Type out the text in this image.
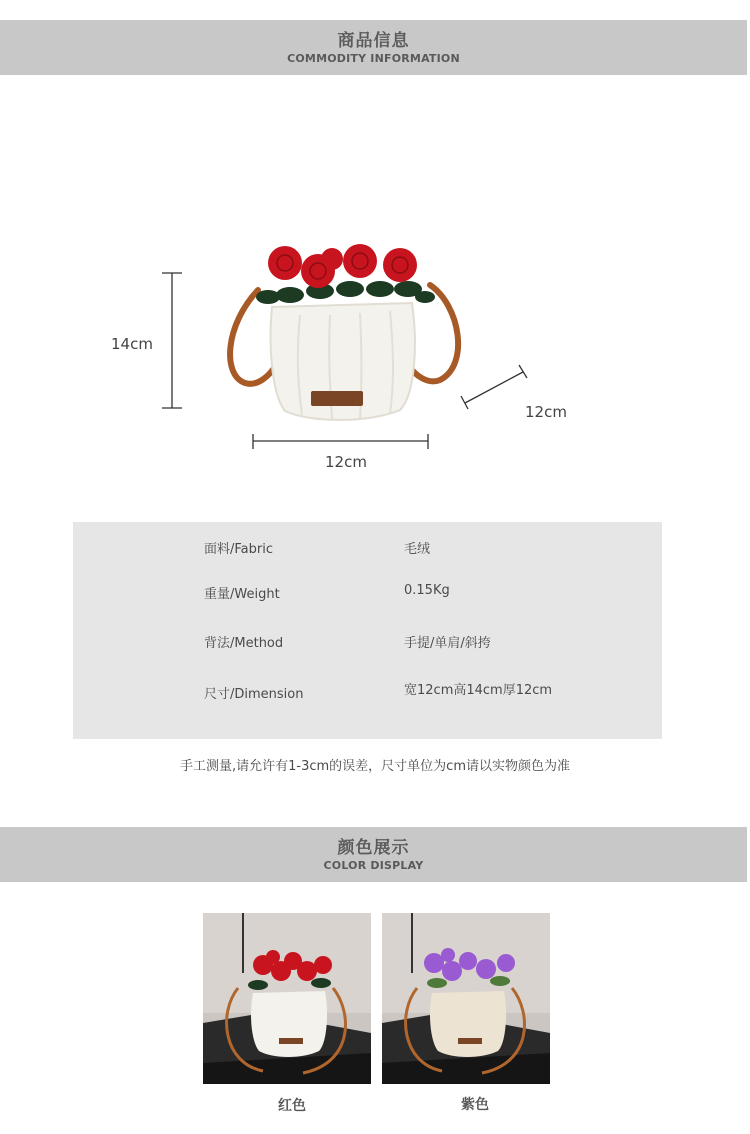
商品信息
COMMODITY INFORMATION
14cm
12cm
12cm
面料/Fabric	毛绒
重量/Weight	0.15Kg
背法/Method	手提/单肩/斜挎
尺寸/Dimension	宽12cm高14cm厚12cm
手工测量,请允许有1-3cm的误差，尺寸单位为cm请以实物颜色为准
颜色展示
COLOR DISPLAY
红色	紫色
